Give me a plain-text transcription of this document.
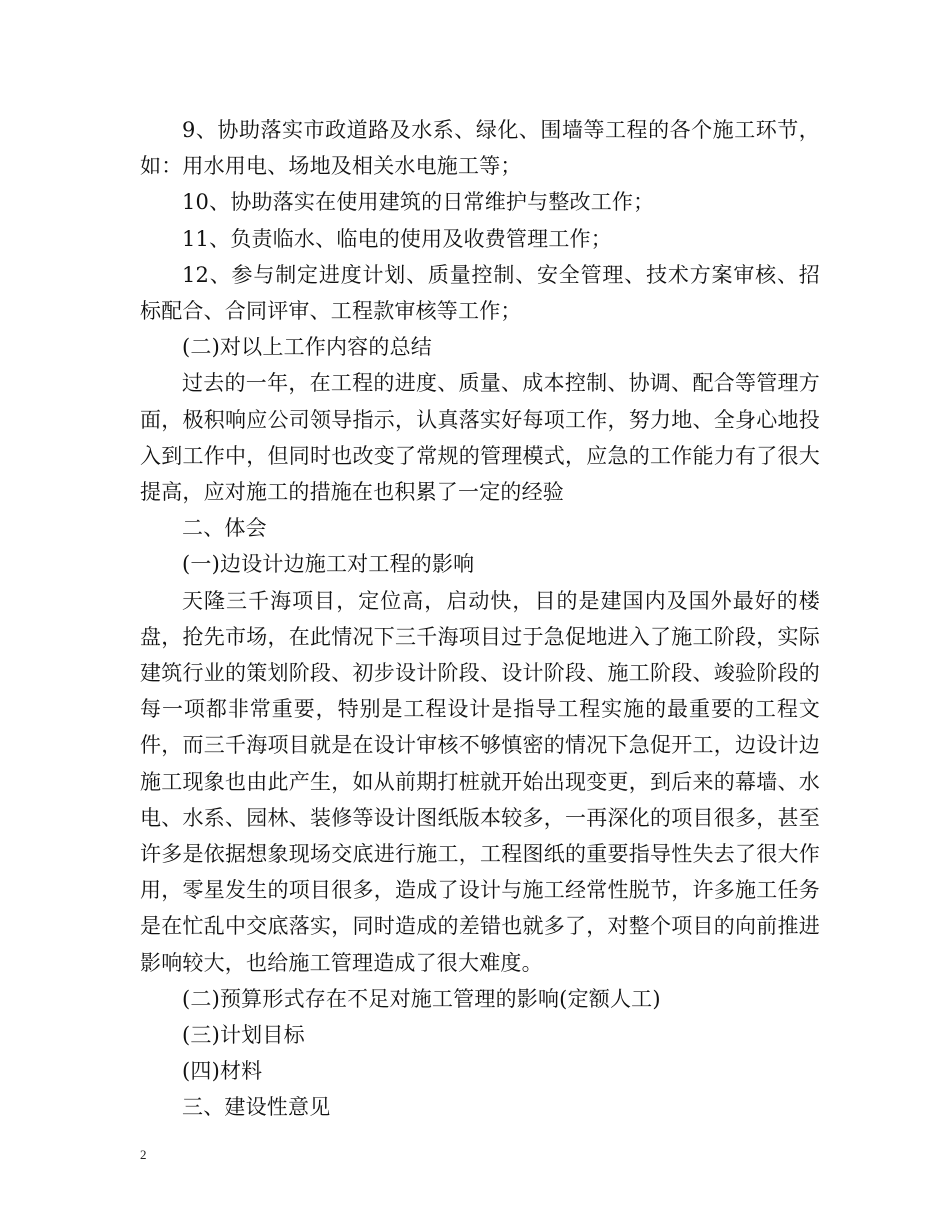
9、协助落实市政道路及水系、绿化、围墙等工程的各个施工环节，如：用水用电、场地及相关水电施工等；

10、协助落实在使用建筑的日常维护与整改工作；

11、负责临水、临电的使用及收费管理工作；

12、参与制定进度计划、质量控制、安全管理、技术方案审核、招标配合、合同评审、工程款审核等工作；

(二)对以上工作内容的总结

过去的一年，在工程的进度、质量、成本控制、协调、配合等管理方面，极积响应公司领导指示，认真落实好每项工作，努力地、全身心地投入到工作中，但同时也改变了常规的管理模式，应急的工作能力有了很大提高，应对施工的措施在也积累了一定的经验

二、体会

(一)边设计边施工对工程的影响

天隆三千海项目，定位高，启动快，目的是建国内及国外最好的楼盘，抢先市场，在此情况下三千海项目过于急促地进入了施工阶段，实际建筑行业的策划阶段、初步设计阶段、设计阶段、施工阶段、竣验阶段的每一项都非常重要，特别是工程设计是指导工程实施的最重要的工程文件，而三千海项目就是在设计审核不够慎密的情况下急促开工，边设计边施工现象也由此产生，如从前期打桩就开始出现变更，到后来的幕墙、水电、水系、园林、装修等设计图纸版本较多，一再深化的项目很多，甚至许多是依据想象现场交底进行施工，工程图纸的重要指导性失去了很大作用，零星发生的项目很多，造成了设计与施工经常性脱节，许多施工任务是在忙乱中交底落实，同时造成的差错也就多了，对整个项目的向前推进影响较大，也给施工管理造成了很大难度。

(二)预算形式存在不足对施工管理的影响(定额人工)

(三)计划目标

(四)材料

三、建设性意见

2
